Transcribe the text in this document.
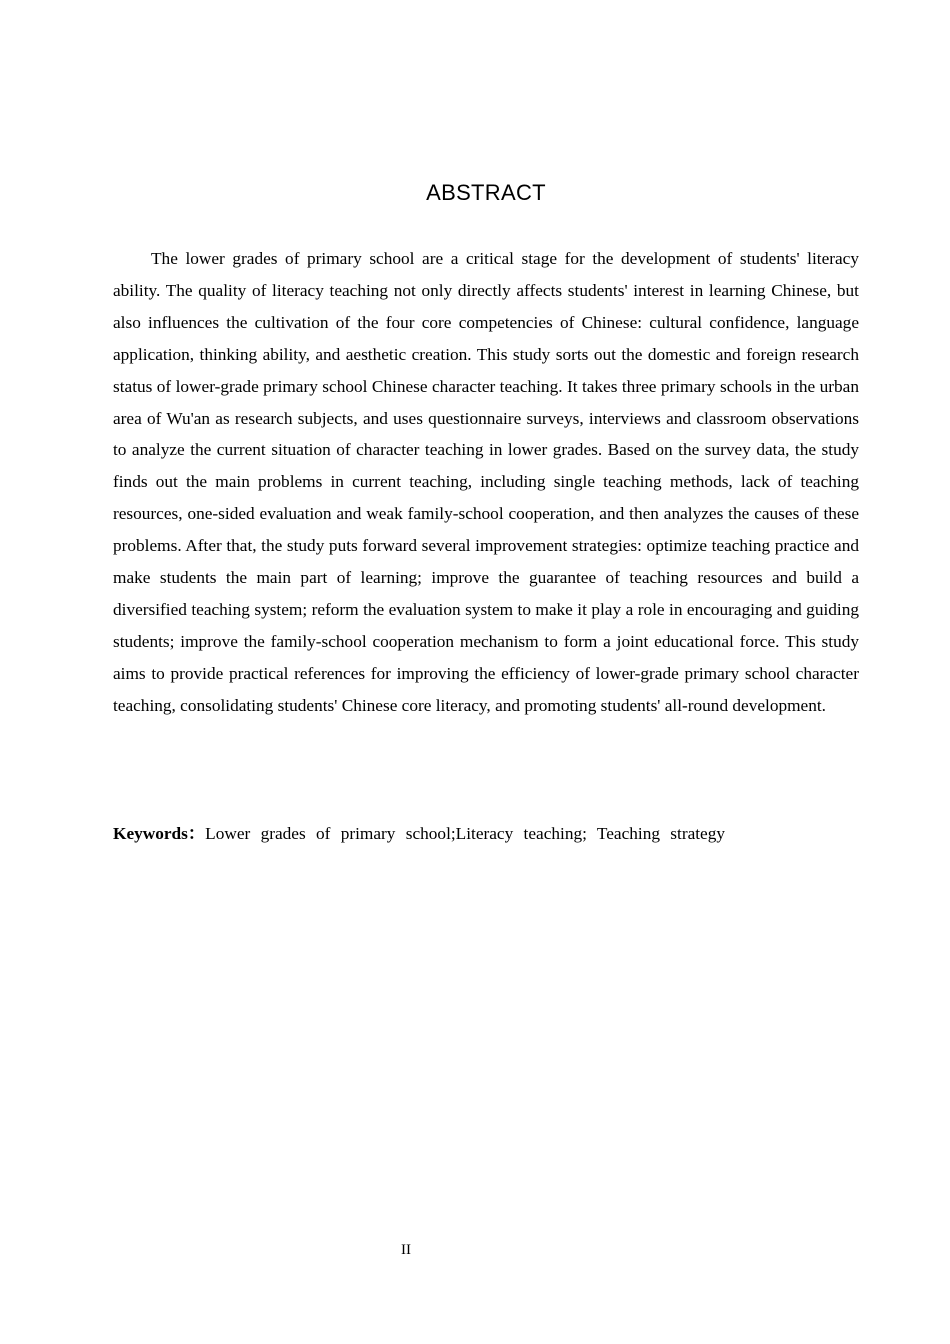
ABSTRACT

The lower grades of primary school are a critical stage for the development of students' literacy ability. The quality of literacy teaching not only directly affects students' interest in learning Chinese, but also influences the cultivation of the four core competencies of Chinese: cultural confidence, language application, thinking ability, and aesthetic creation. This study sorts out the domestic and foreign research status of lower-grade primary school Chinese character teaching. It takes three primary schools in the urban area of Wu'an as research subjects, and uses questionnaire surveys, interviews and classroom observations to analyze the current situation of character teaching in lower grades. Based on the survey data, the study finds out the main problems in current teaching, including single teaching methods, lack of teaching resources, one-sided evaluation and weak family-school cooperation, and then analyzes the causes of these problems. After that, the study puts forward several improvement strategies: optimize teaching practice and make students the main part of learning; improve the guarantee of teaching resources and build a diversified teaching system; reform the evaluation system to make it play a role in encouraging and guiding students; improve the family-school cooperation mechanism to form a joint educational force. This study aims to provide practical references for improving the efficiency of lower-grade primary school character teaching, consolidating students' Chinese core literacy, and promoting students' all-round development.

Keywords：Lower grades of primary school;Literacy teaching; Teaching strategy

II
